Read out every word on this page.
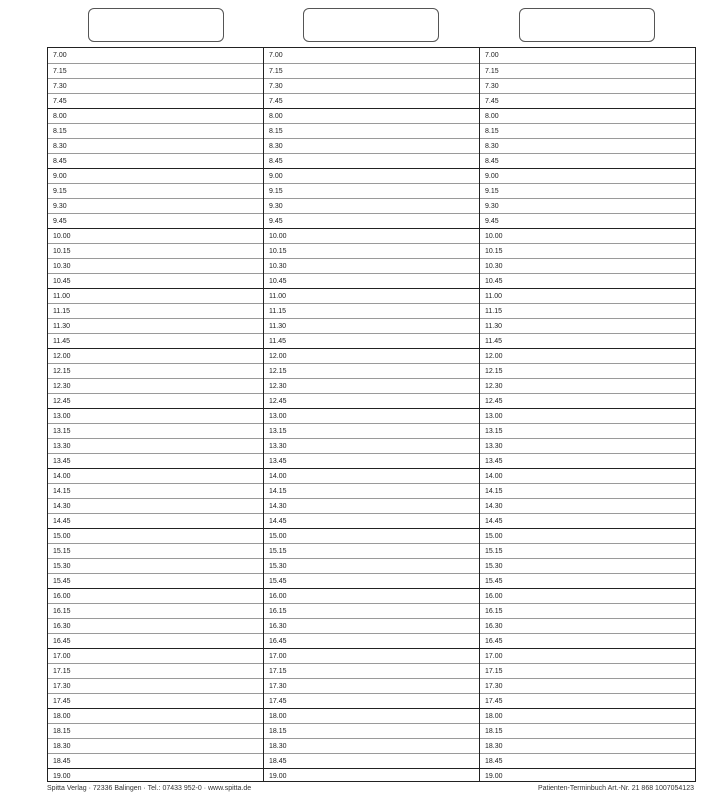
7.00
7.15
7.30
7.45
8.00
8.15
8.30
8.45
9.00
9.15
9.30
9.45
10.00
10.15
10.30
10.45
11.00
11.15
11.30
11.45
12.00
12.15
12.30
12.45
13.00
13.15
13.30
13.45
14.00
14.15
14.30
14.45
15.00
15.15
15.30
15.45
16.00
16.15
16.30
16.45
17.00
17.15
17.30
17.45
18.00
18.15
18.30
18.45
19.00
7.00
7.15
7.30
7.45
8.00
8.15
8.30
8.45
9.00
9.15
9.30
9.45
10.00
10.15
10.30
10.45
11.00
11.15
11.30
11.45
12.00
12.15
12.30
12.45
13.00
13.15
13.30
13.45
14.00
14.15
14.30
14.45
15.00
15.15
15.30
15.45
16.00
16.15
16.30
16.45
17.00
17.15
17.30
17.45
18.00
18.15
18.30
18.45
19.00
7.00
7.15
7.30
7.45
8.00
8.15
8.30
8.45
9.00
9.15
9.30
9.45
10.00
10.15
10.30
10.45
11.00
11.15
11.30
11.45
12.00
12.15
12.30
12.45
13.00
13.15
13.30
13.45
14.00
14.15
14.30
14.45
15.00
15.15
15.30
15.45
16.00
16.15
16.30
16.45
17.00
17.15
17.30
17.45
18.00
18.15
18.30
18.45
19.00
Spitta Verlag · 72336 Balingen · Tel.: 07433 952-0 · www.spitta.de	Patienten-Terminbuch Art.-Nr. 21 868 1007054123
